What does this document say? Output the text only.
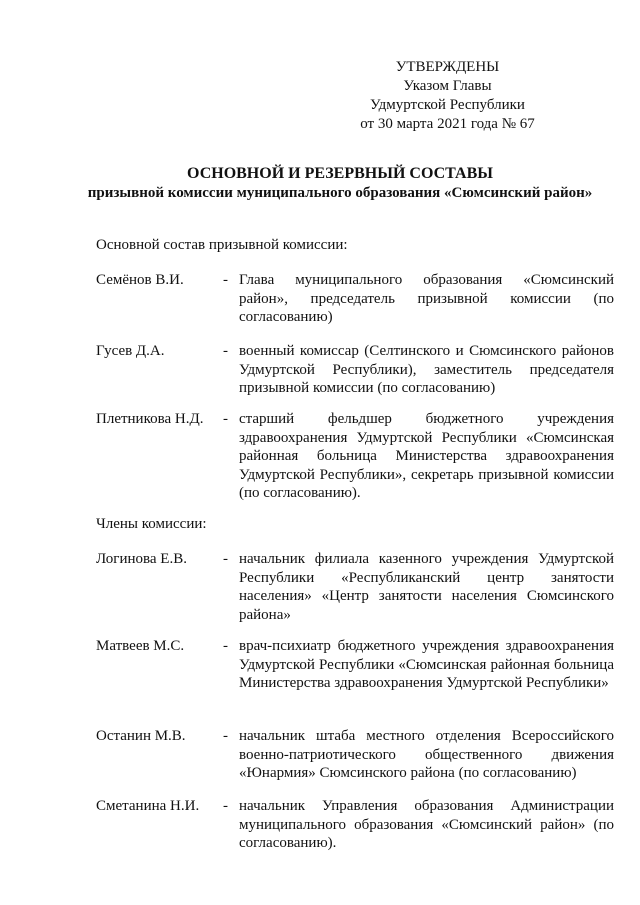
УТВЕРЖДЕНЫ
Указом Главы
Удмуртской Республики
от 30 марта 2021 года № 67
ОСНОВНОЙ И РЕЗЕРВНЫЙ СОСТАВЫ
призывной комиссии муниципального образования «Сюмсинский район»
Основной состав призывной комиссии:
Семёнов В.И.	- Глава муниципального образования «Сюмсинский район», председатель призывной комиссии (по согласованию)
Гусев Д.А.	- военный комиссар (Селтинского и Сюмсинского районов Удмуртской Республики), заместитель председателя призывной комиссии (по согласованию)
Плетникова Н.Д.	- старший фельдшер бюджетного учреждения здравоохранения Удмуртской Республики «Сюмсинская районная больница Министерства здравоохранения Удмуртской Республики», секретарь призывной комиссии (по согласованию).
Члены комиссии:
Логинова Е.В.	- начальник филиала казенного учреждения Удмуртской Республики «Республиканский центр занятости населения» «Центр занятости населения Сюмсинского района»
Матвеев М.С.	- врач-психиатр бюджетного учреждения здравоохранения Удмуртской Республики «Сюмсинская районная больница Министерства здравоохранения Удмуртской Республики»
Останин М.В.	- начальник штаба местного отделения Всероссийского военно-патриотического общественного движения «Юнармия» Сюмсинского района (по согласованию)
Сметанина Н.И.	- начальник Управления образования Администрации муниципального образования «Сюмсинский район» (по согласованию).
